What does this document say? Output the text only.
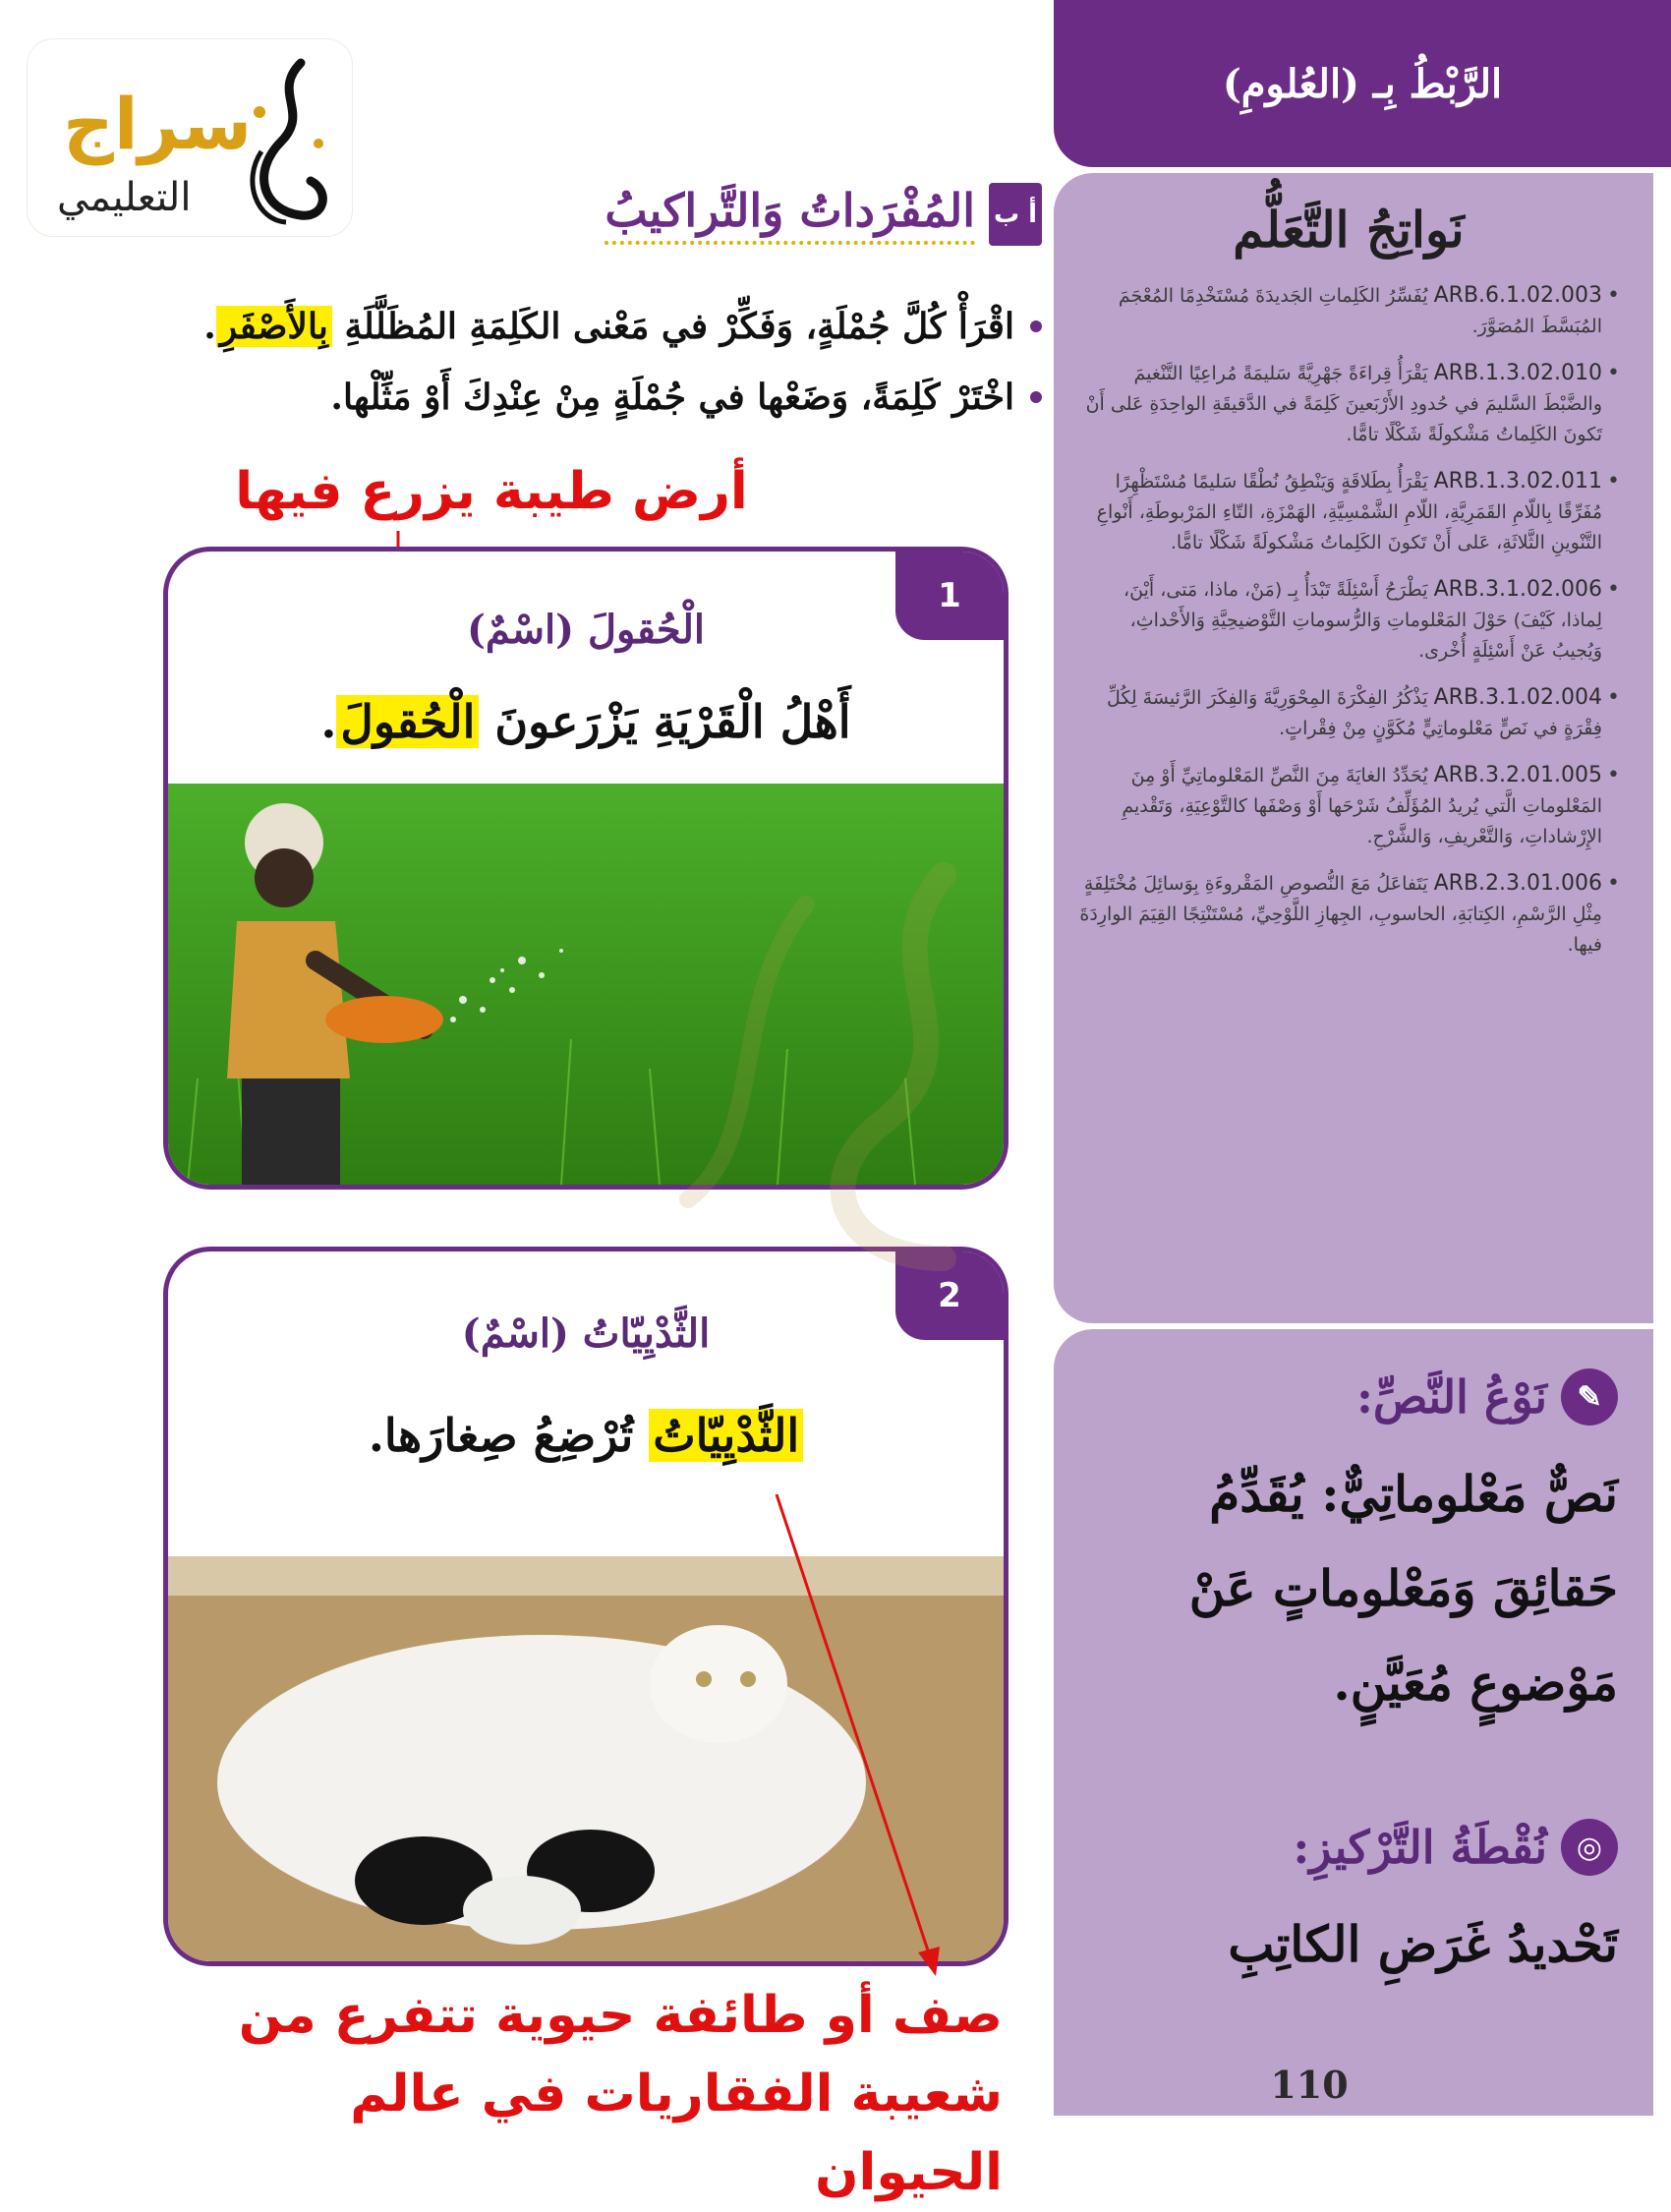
سراج
التعليمي

الرَّبْطُ بِـ (العُلومِ)
نَواتِجُ التَّعَلُّم
• ARB.6.1.02.003 يُفَسِّرُ الكَلِماتِ الجَديدَةَ مُسْتَخْدِمًا المُعْجَمَ المُبَسَّطَ المُصَوَّرَ.
• ARB.1.3.02.010 يَقْرَأُ قِراءَةً جَهْرِيَّةً سَليمَةً مُراعِيًا التَّنْغيمَ والضَّبْطَ السَّليمَ في حُدودِ الأَرْبَعينَ كَلِمَةً في الدَّقيقَةِ الواحِدَةِ عَلى أَنْ تَكونَ الكَلِماتُ مَشْكولَةً شَكْلًا تامًّا.
• ARB.1.3.02.011 يَقْرَأُ بِطَلاقَةٍ وَيَنْطِقُ نُطْقًا سَليمًا مُسْتَظْهِرًا مُفَرِّقًا بِاللّامِ القَمَرِيَّةِ، اللّامِ الشَّمْسِيَّةِ، الهَمْزَةِ، التّاءِ المَرْبوطَةِ، أَنْواعِ التَّنْوينِ الثَّلاثَةِ، عَلى أَنْ تَكونَ الكَلِماتُ مَشْكولَةً شَكْلًا تامًّا.
• ARB.3.1.02.006 يَطْرَحُ أَسْئِلَةً تَبْدَأُ بِـ (مَنْ، ماذا، مَتى، أَيْنَ، لِماذا، كَيْفَ) حَوْلَ المَعْلوماتِ وَالرُّسوماتِ التَّوْضيحِيَّةِ وَالأَحْداثِ، وَيُجيبُ عَنْ أَسْئِلَةٍ أُخْرى.
• ARB.3.1.02.004 يَذْكُرُ الفِكْرَةَ المِحْوَرِيَّةَ وَالفِكَرَ الرَّئيسَةَ لِكُلِّ فِقْرَةٍ في نَصٍّ مَعْلوماتِيٍّ مُكَوَّنٍ مِنْ فِقْراتٍ.
• ARB.3.2.01.005 يُحَدِّدُ الغايَةَ مِنَ النَّصِّ المَعْلوماتِيِّ أَوْ مِنَ المَعْلوماتِ الَّتي يُريدُ المُؤَلِّفُ شَرْحَها أَوْ وَصْفَها كالتَّوْعِيَةِ، وَتَقْديمِ الإِرْشاداتِ، وَالتَّعْريفِ، وَالشَّرْحِ.
• ARB.2.3.01.006 يَتَفاعَلُ مَعَ النُّصوصِ المَقْروءَةِ بِوَسائِلَ مُخْتَلِفَةٍ مِثْلِ الرَّسْمِ، الكِتابَةِ، الحاسوبِ، الجِهازِ اللَّوْحِيِّ، مُسْتَنْتِجًا القِيَمَ الوارِدَةَ فيها.
✎
نَوْعُ النَّصِّ:
نَصٌّ مَعْلوماتِيٌّ: يُقَدِّمُ حَقائِقَ وَمَعْلوماتٍ عَنْ مَوْضوعٍ مُعَيَّنٍ.
◎
نُقْطَةُ التَّرْكيزِ:
تَحْديدُ غَرَضِ الكاتِبِ
110
أ ب
المُفْرَداتُ وَالتَّراكيبُ
اقْرَأْ كُلَّ جُمْلَةٍ، وَفَكِّرْ في مَعْنى الكَلِمَةِ المُظَلَّلَةِ بِالأَصْفَرِ.
اخْتَرْ كَلِمَةً، وَضَعْها في جُمْلَةٍ مِنْ عِنْدِكَ أَوْ مَثِّلْها.
أرض طيبة يزرع فيها
1
الْحُقولَ (اسْمٌ)
أَهْلُ الْقَرْيَةِ يَزْرَعونَ الْحُقولَ.
2
الثَّدْيِيّاتُ (اسْمٌ)
الثَّدْيِيّاتُ تُرْضِعُ صِغارَها.
صف أو طائفة حيوية تتفرع من
شعيبة الفقاريات في عالم الحيوان
